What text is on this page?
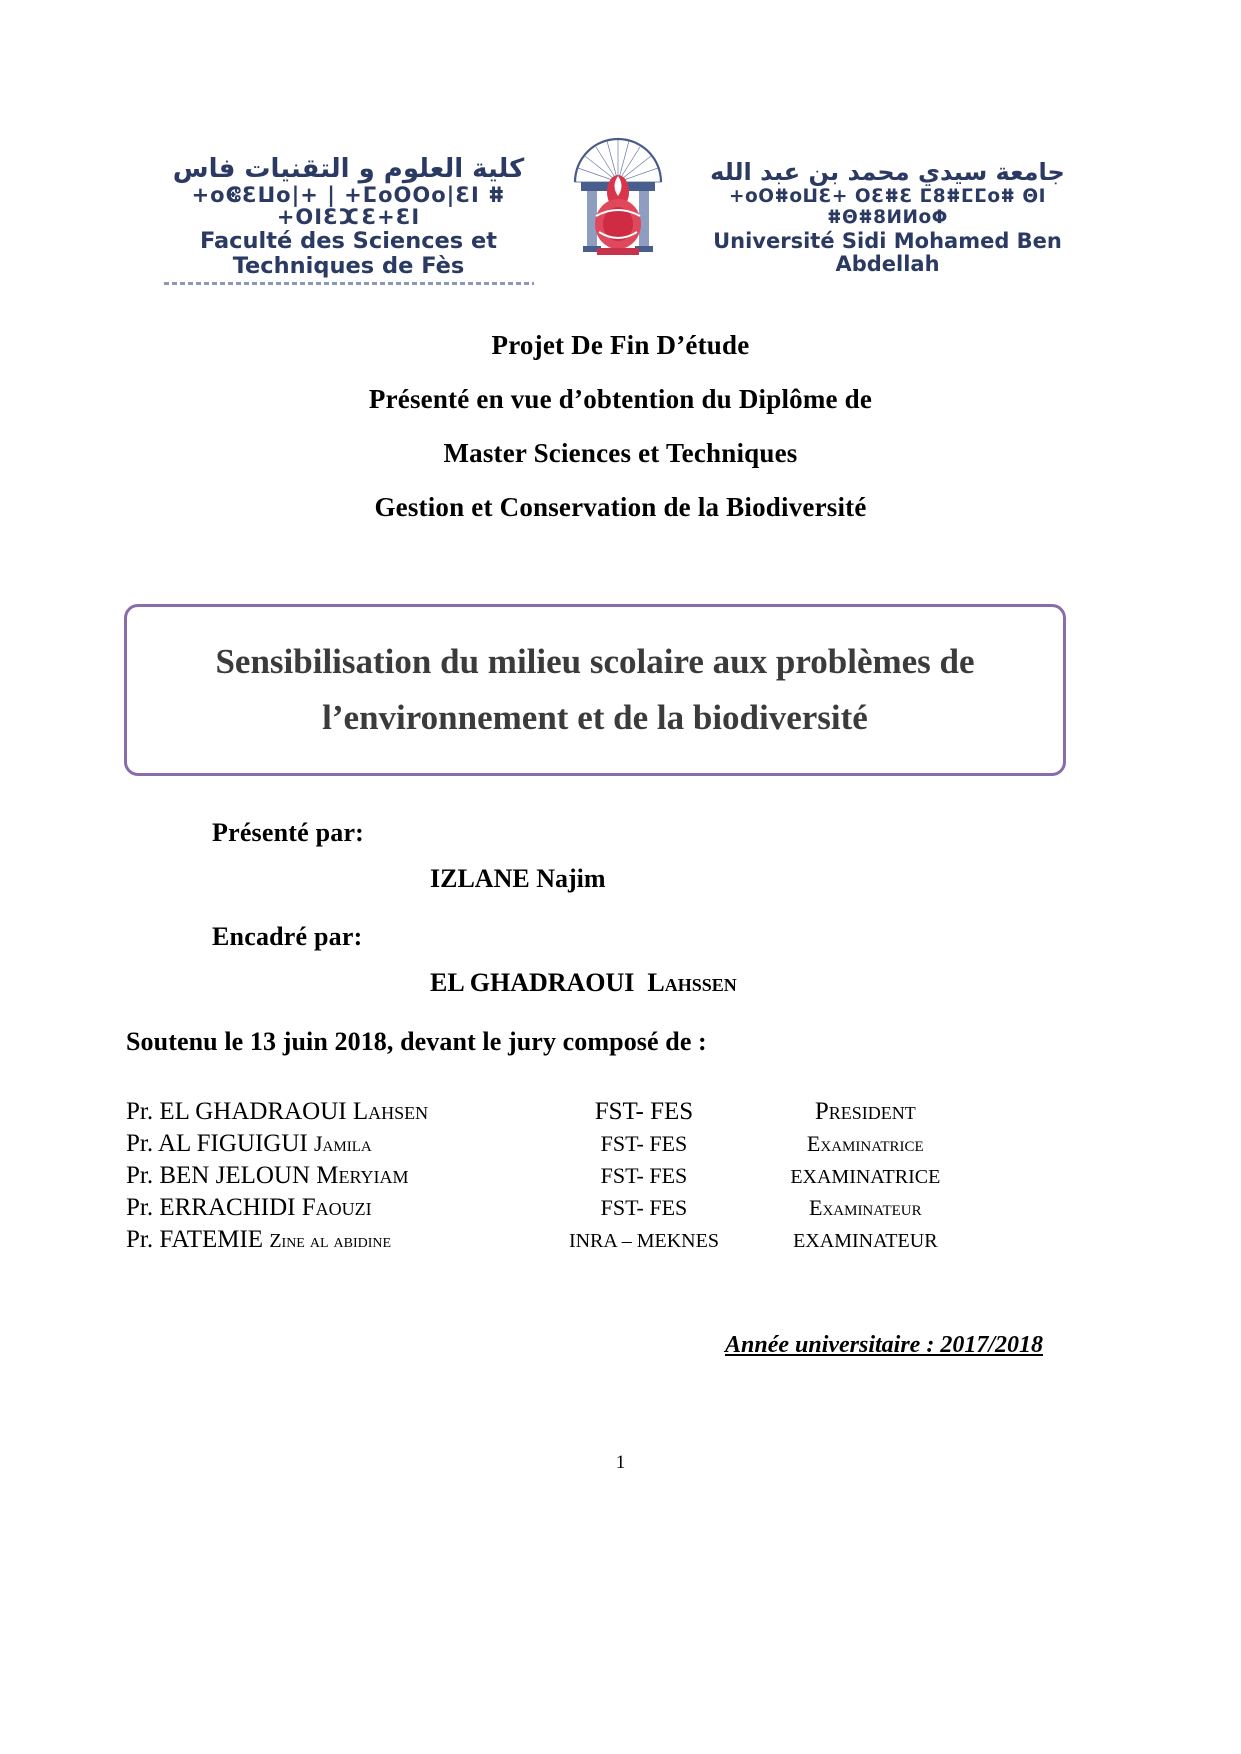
كلية العلوم و التقنيات فاس
+oⵞƐⵡo|+ | +ⵎoOOo|ƐI ⵌ +OIƐⵋƐ+ƐI
Faculté des Sciences et Techniques de Fès
جامعة سيدي محمد بن عبد الله
+oOⵌoⵡƐ+ OƐⵌƐ ⵎ8ⵌⵎⵎoⵌ ΘI ⵌΘⵌ8ИИoΦ
Université Sidi Mohamed Ben Abdellah
Projet De Fin D’étude
Présenté en vue d’obtention du Diplôme de
Master Sciences et Techniques
Gestion et Conservation de la Biodiversité
Sensibilisation du milieu scolaire aux problèmes de l’environnement et de la biodiversité
Présenté par:
IZLANE Najim
Encadré par:
EL GHADRAOUI Lahssen
Soutenu le 13 juin 2018, devant le jury composé de :
Pr. EL GHADRAOUI Lahsen	FST- FES	President
Pr. AL FIGUIGUI Jamila	FST- FES	Examinatrice
Pr. BEN JELOUN Meryiam	FST- FES	EXAMINATRICE
Pr. ERRACHIDI Faouzi	FST- FES	Examinateur
Pr. FATEMIE Zine al abidine	INRA – MEKNES	EXAMINATEUR
Année universitaire : 2017/2018
1
